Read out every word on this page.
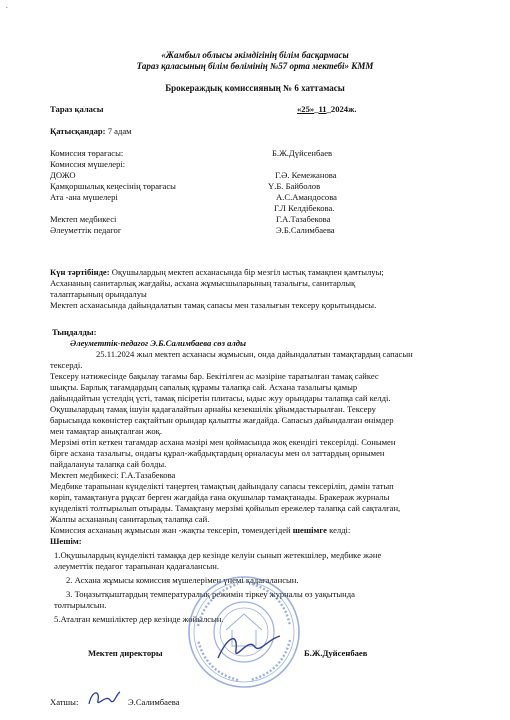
.
«Жамбыл облысы әкімдігінің білім басқармасы
Тараз қаласының білім бөлімінің №57 орта мектебі» КММ
Брокераждық комиссияның № 6 хаттамасы
Тараз қаласы	«25»_11_2024ж.
Қатысқандар: 7 адам
Комиссия төрағасы:	Б.Ж.Дүйсенбаев
Комиссия мүшелері:
ДОЖО	Г.Ә. Кемежанова
Қамқоршылық кеңесінің төрағасы	Ү.Б. Байболов
Ата -ана мүшелері	А.С.Амандосова
Г.Л Келдібекова.
Мектеп медбикесі	Г.А.Тазабекова
Әлеуметтік педагог	Э.Б.Салимбаева
Күн тәртібінде: Оқушылардың мектеп асханасында бір мезгіл ыстық тамақпен қамтылуы;
Асхананың санитарлық жағдайы, асхана жұмысшыларының тазалығы, санитарлық
талаптарының орындалуы
Мектеп асханасында дайындалатын тамақ сапасы мен тазалығын тексеру қорытындысы.
Тыңдалды:
Әлеуметтік-педагог Э.Б.Салимбаева сөз алды
25.11.2024 жыл мектеп асханасы жұмысын, онда дайындалатын тамақтардың сапасын
тексерді.
Тексеру нәтижесінде бақылау тағамы бар. Бекітілген ас мәзіріне таратылған тамақ сәйкес
шықты. Барлық тағамдардың сапалық құрамы талапқа сай. Асхана тазалығы қамыр
дайындайтын үстелдің үсті, тамақ пісіретін плитасы, ыдыс жуу орындары талапқа сай келді.
Оқушылардың тамақ ішуін қадағалайтын арнайы кезекшілік ұйымдастырылған. Тексеру
барысында көкөністер сақтайтын орындар қалыпты жағдайда. Сапасыз дайындалған өнімдер
мен тамақтар анықталған жоқ.
Мерзімі өтіп кеткен тағамдар асхана мәзірі мен қоймасында жоқ екендігі тексерілді. Сонымен
бірге асхана тазалығы, ондағы құрал-жабдықтардың орналасуы мен ол заттардың орнымен
пайдалануы талапқа сай болды.
Мектеп медбикесі: Г.А.Тазабекова
Медбике тарапынан күнделікті таңертең тамақтың дайындалу сапасы тексеріліп, дәмін татып
көріп, тамақтануға рұқсат берген жағдайда ғана оқушылар тамақтанады. Бракераж журналы
күнделікті толтырылып отырады. Тамақтану мерзімі қойылып ережелер талапқа сай сақталған,
Жалпы асхананың санитарлық талапқа сай.
Комиссия асханаың жұмысын жан -жақты тексеріп, төмендегідей шешімге келді:
Шешім:
1.Оқушылардың күнделікті тамаққа дер кезінде келуін сынып жетекшілер, медбике және
әлеуметтік педагог тарапынан қадағалансын.
2. Асхана жұмысы комиссия мүшелерімен үнемі қадағалансын.
3. Тоңазытқыштардың температуралық режимін тіркеу журналы өз уақытында
толтырылсын.
5.Аталған кемшіліктер дер кезінде жойылсын.
Мектеп директоры	Б.Ж.Дуйсенбаев
Хатшы:	Э.Салимбаева
